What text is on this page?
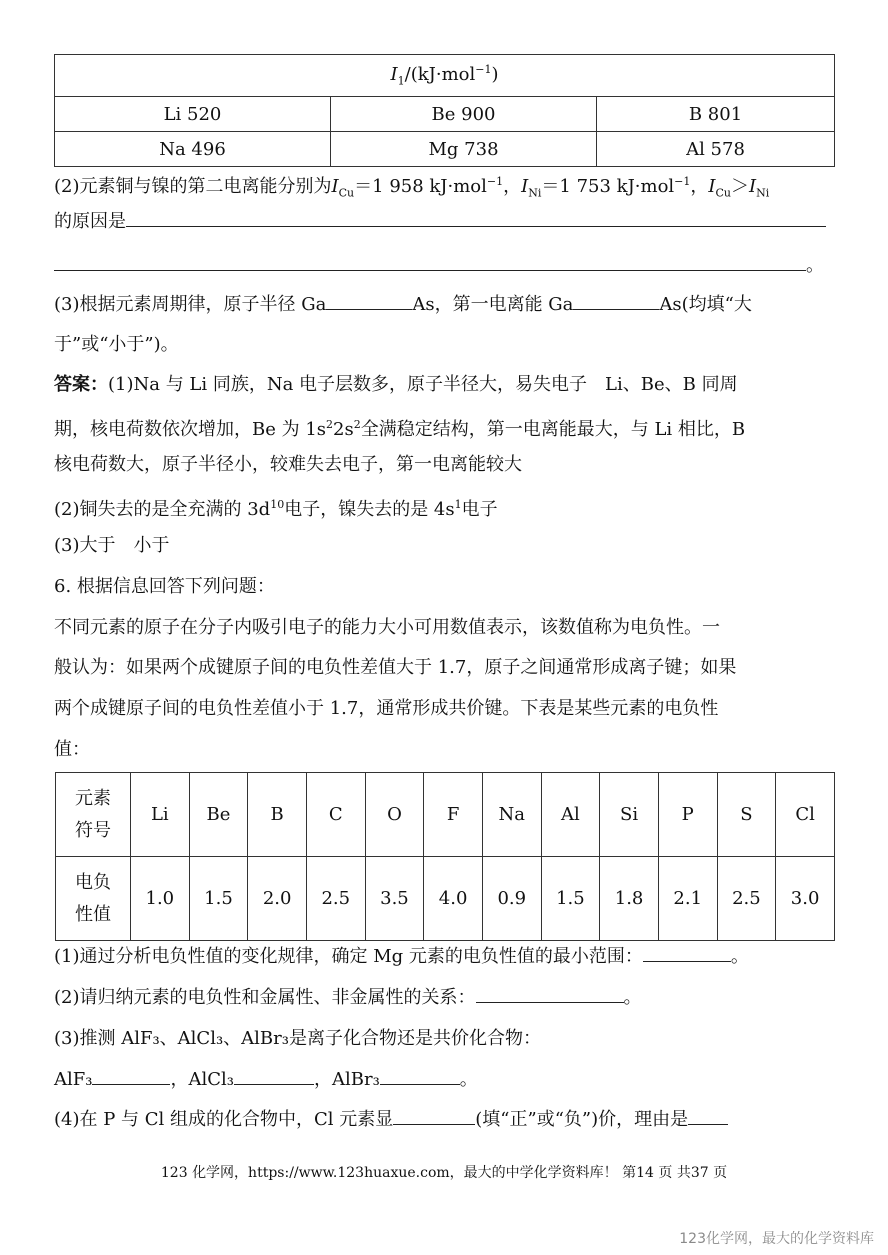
$I_1/(kJ\cdot mol^{-1})$		
Li 520	Be 900	B 801
Na 496	Mg 738	Al 578
(2)元素铜与镍的第二电离能分别为$I_{Cu}=1$ 958 kJ·mol$^{-1}$，$I_{Ni}=1$ 753 kJ·mol$^{-1}$，$I_{Cu}>I_{Ni}$
的原因是
。
(3)根据元素周期律，原子半径 Ga	As，第一电离能 Ga	As(均填“大
于”或“小于”)。
答案：(1)Na 与 Li 同族，Na 电子层数多，原子半径大，易失电子　Li、Be、B 同周
期，核电荷数依次增加，Be 为 $1s^22s^2$全满稳定结构，第一电离能最大，与 Li 相比，B
核电荷数大，原子半径小，较难失去电子，第一电离能较大
(2)铜失去的是全充满的 $3d^{10}$电子，镍失去的是 $4s^1$电子
(3)大于　小于
6. 根据信息回答下列问题：
不同元素的原子在分子内吸引电子的能力大小可用数值表示，该数值称为电负性。一
般认为：如果两个成键原子间的电负性差值大于 1.7，原子之间通常形成离子键；如果
两个成键原子间的电负性差值小于 1.7，通常形成共价键。下表是某些元素的电负性
值：
元素
符号	Li	Be	B	C	O	F	Na	Al	Si	P	S	Cl
电负
性值	1.0	1.5	2.0	2.5	3.5	4.0	0.9	1.5	1.8	2.1	2.5	3.0
(1)通过分析电负性值的变化规律，确定 Mg 元素的电负性值的最小范围：	。
(2)请归纳元素的电负性和金属性、非金属性的关系：	。
(3)推测 AlF₃、AlCl₃、AlBr₃是离子化合物还是共价化合物：
AlF₃	，AlCl₃	，AlBr₃	。
(4)在 P 与 Cl 组成的化合物中，Cl 元素显	(填“正”或“负”)价，理由是
123 化学网，https://www.123huaxue.com，最大的中学化学资料库！ 第14 页 共37 页
123化学网，最大的化学资料库
